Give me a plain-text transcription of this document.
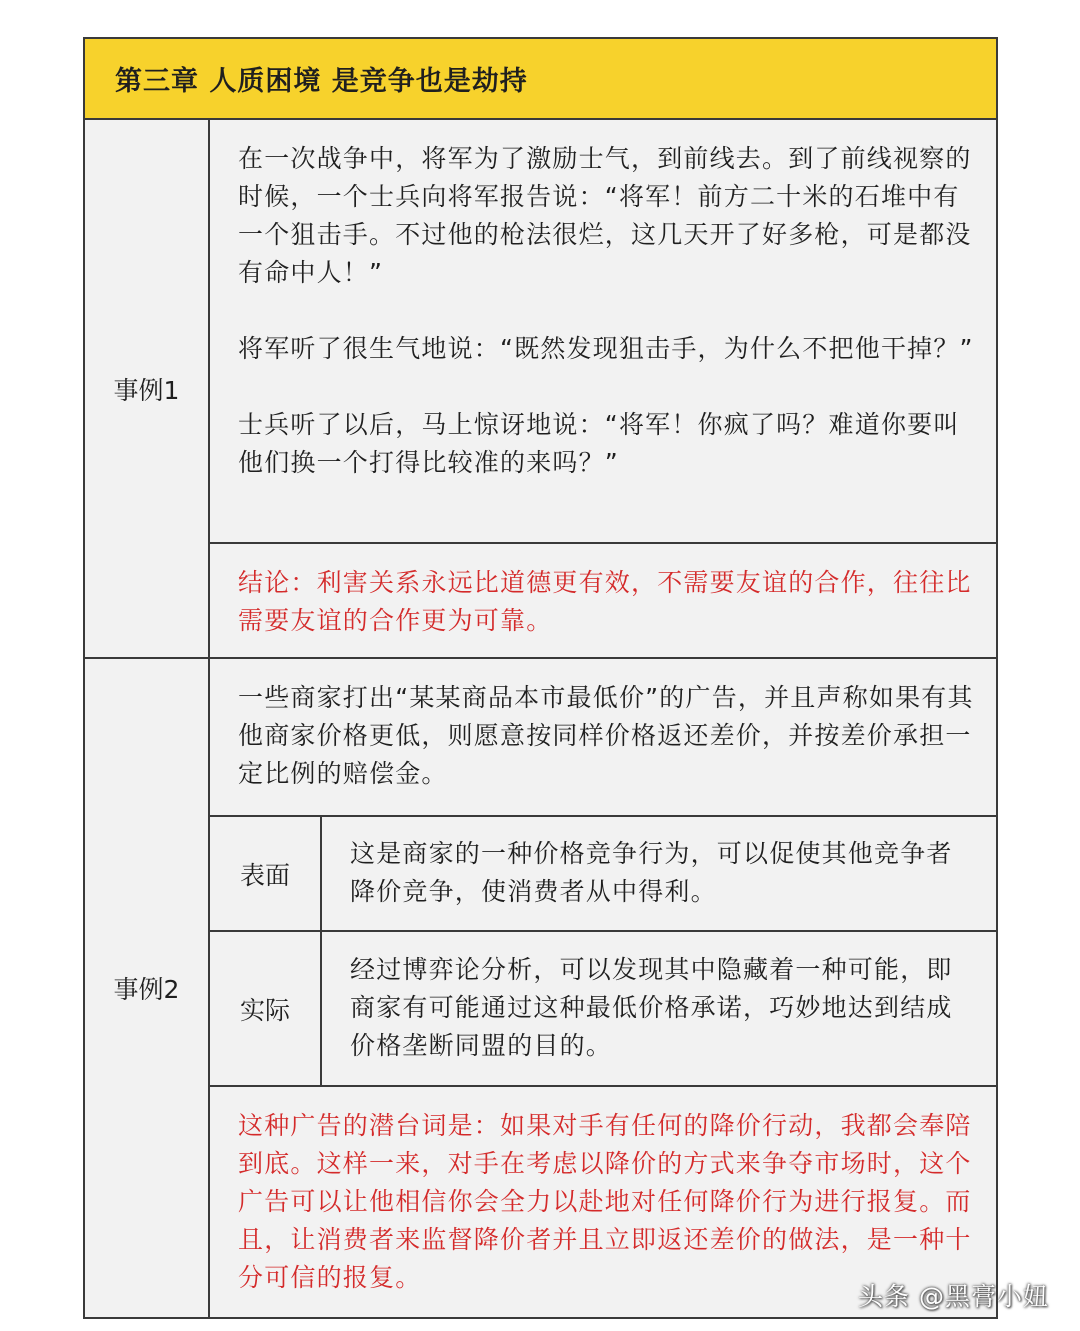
第三章 人质困境 是竞争也是劫持
事例1

在一次战争中，将军为了激励士气，到前线去。到了前线视察的时候，一个士兵向将军报告说：“将军！前方二十米的石堆中有一个狙击手。不过他的枪法很烂，这几天开了好多枪，可是都没有命中人！”

将军听了很生气地说：“既然发现狙击手，为什么不把他干掉？”

士兵听了以后，马上惊讶地说：“将军！你疯了吗？难道你要叫他们换一个打得比较准的来吗？”

结论：利害关系永远比道德更有效，不需要友谊的合作，往往比需要友谊的合作更为可靠。
事例2
一些商家打出“某某商品本市最低价”的广告，并且声称如果有其他商家价格更低，则愿意按同样价格返还差价，并按差价承担一定比例的赔偿金。
表面
这是商家的一种价格竞争行为，可以促使其他竞争者降价竞争，使消费者从中得利。
实际
经过博弈论分析，可以发现其中隐藏着一种可能，即商家有可能通过这种最低价格承诺，巧妙地达到结成价格垄断同盟的目的。
这种广告的潜台词是：如果对手有任何的降价行动，我都会奉陪到底。这样一来，对手在考虑以降价的方式来争夺市场时，这个广告可以让他相信你会全力以赴地对任何降价行为进行报复。而且，让消费者来监督降价者并且立即返还差价的做法，是一种十分可信的报复。
头条 @黑膏小妞
